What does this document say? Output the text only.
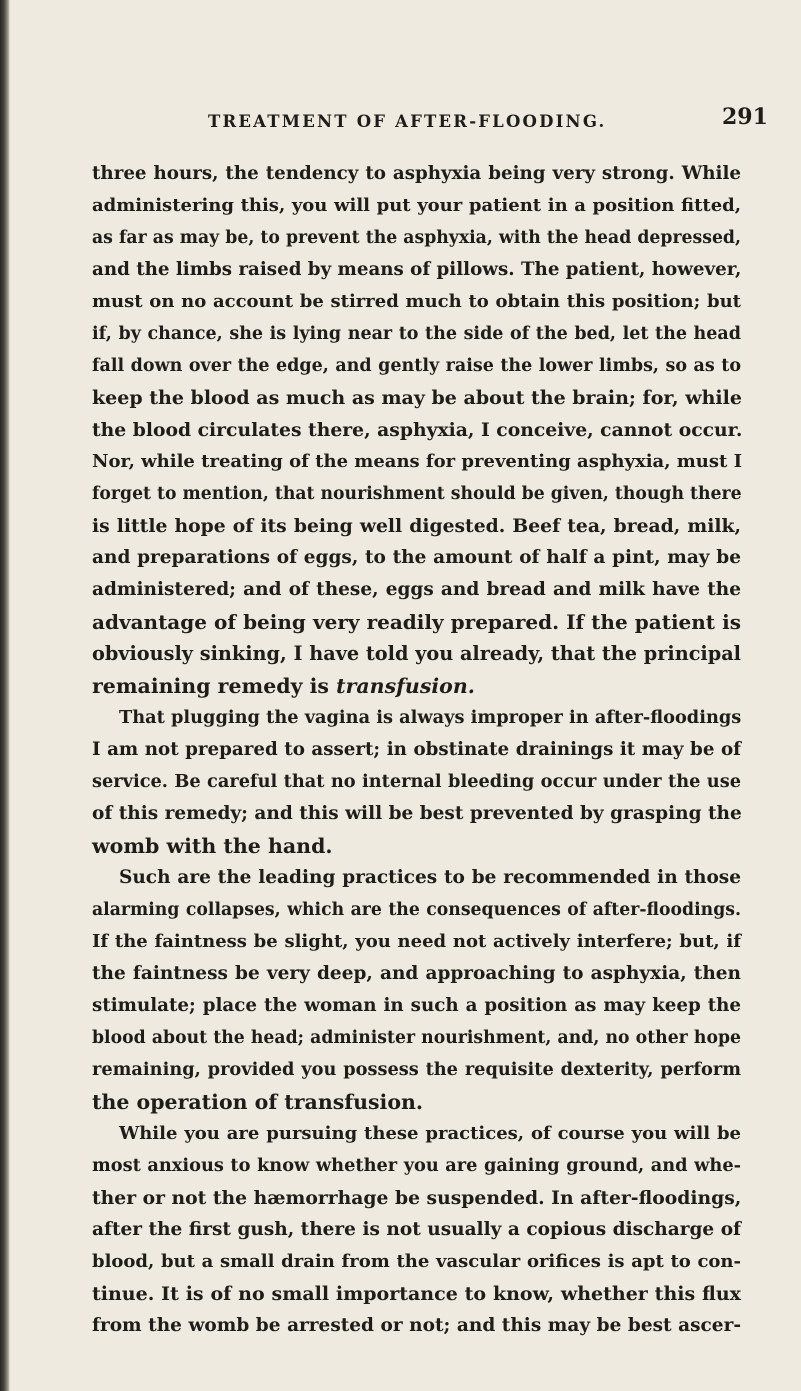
TREATMENT OF AFTER-FLOODING.	291
three hours, the tendency to asphyxia being very strong. While
administering this, you will put your patient in a position fitted,
as far as may be, to prevent the asphyxia, with the head depressed,
and the limbs raised by means of pillows. The patient, however,
must on no account be stirred much to obtain this position; but
if, by chance, she is lying near to the side of the bed, let the head
fall down over the edge, and gently raise the lower limbs, so as to
keep the blood as much as may be about the brain; for, while
the blood circulates there, asphyxia, I conceive, cannot occur.
Nor, while treating of the means for preventing asphyxia, must I
forget to mention, that nourishment should be given, though there
is little hope of its being well digested. Beef tea, bread, milk,
and preparations of eggs, to the amount of half a pint, may be
administered; and of these, eggs and bread and milk have the
advantage of being very readily prepared. If the patient is
obviously sinking, I have told you already, that the principal
remaining remedy is transfusion.
That plugging the vagina is always improper in after-floodings
I am not prepared to assert; in obstinate drainings it may be of
service. Be careful that no internal bleeding occur under the use
of this remedy; and this will be best prevented by grasping the
womb with the hand.
Such are the leading practices to be recommended in those
alarming collapses, which are the consequences of after-floodings.
If the faintness be slight, you need not actively interfere; but, if
the faintness be very deep, and approaching to asphyxia, then
stimulate; place the woman in such a position as may keep the
blood about the head; administer nourishment, and, no other hope
remaining, provided you possess the requisite dexterity, perform
the operation of transfusion.
While you are pursuing these practices, of course you will be
most anxious to know whether you are gaining ground, and whe-
ther or not the hæmorrhage be suspended. In after-floodings,
after the first gush, there is not usually a copious discharge of
blood, but a small drain from the vascular orifices is apt to con-
tinue. It is of no small importance to know, whether this flux
from the womb be arrested or not; and this may be best ascer-
